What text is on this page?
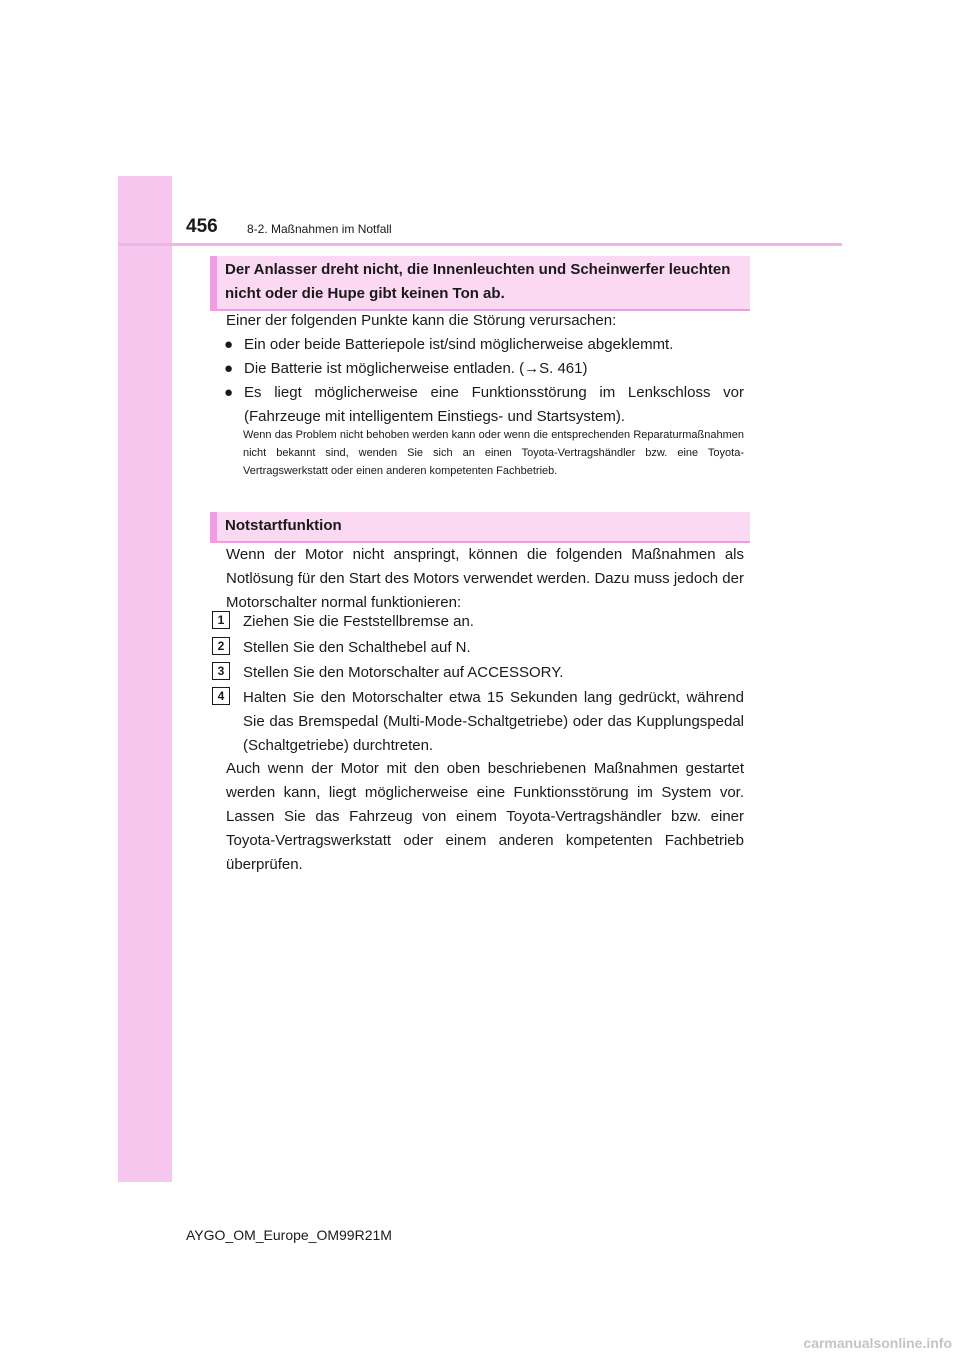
456 8-2. Maßnahmen im Notfall
Der Anlasser dreht nicht, die Innenleuchten und Scheinwerfer leuchten nicht oder die Hupe gibt keinen Ton ab.
Einer der folgenden Punkte kann die Störung verursachen:
● Ein oder beide Batteriepole ist/sind möglicherweise abgeklemmt.
● Die Batterie ist möglicherweise entladen. (→S. 461)
● Es liegt möglicherweise eine Funktionsstörung im Lenkschloss vor (Fahrzeuge mit intelligentem Einstiegs- und Startsystem).
Wenn das Problem nicht behoben werden kann oder wenn die entsprechenden Reparaturmaßnahmen nicht bekannt sind, wenden Sie sich an einen Toyota-Vertragshändler bzw. eine Toyota-Vertragswerkstatt oder einen anderen kompetenten Fachbetrieb.
Notstartfunktion
Wenn der Motor nicht anspringt, können die folgenden Maßnahmen als Notlösung für den Start des Motors verwendet werden. Dazu muss jedoch der Motorschalter normal funktionieren:
1	Ziehen Sie die Feststellbremse an.
2	Stellen Sie den Schalthebel auf N.
3	Stellen Sie den Motorschalter auf ACCESSORY.
4	Halten Sie den Motorschalter etwa 15 Sekunden lang gedrückt, während Sie das Bremspedal (Multi-Mode-Schaltgetriebe) oder das Kupplungspedal (Schaltgetriebe) durchtreten.
Auch wenn der Motor mit den oben beschriebenen Maßnahmen gestartet werden kann, liegt möglicherweise eine Funktionsstörung im System vor. Lassen Sie das Fahrzeug von einem Toyota-Vertragshändler bzw. einer Toyota-Vertragswerkstatt oder einem anderen kompetenten Fachbetrieb überprüfen.
AYGO_OM_Europe_OM99R21M
carmanualsonline.info
